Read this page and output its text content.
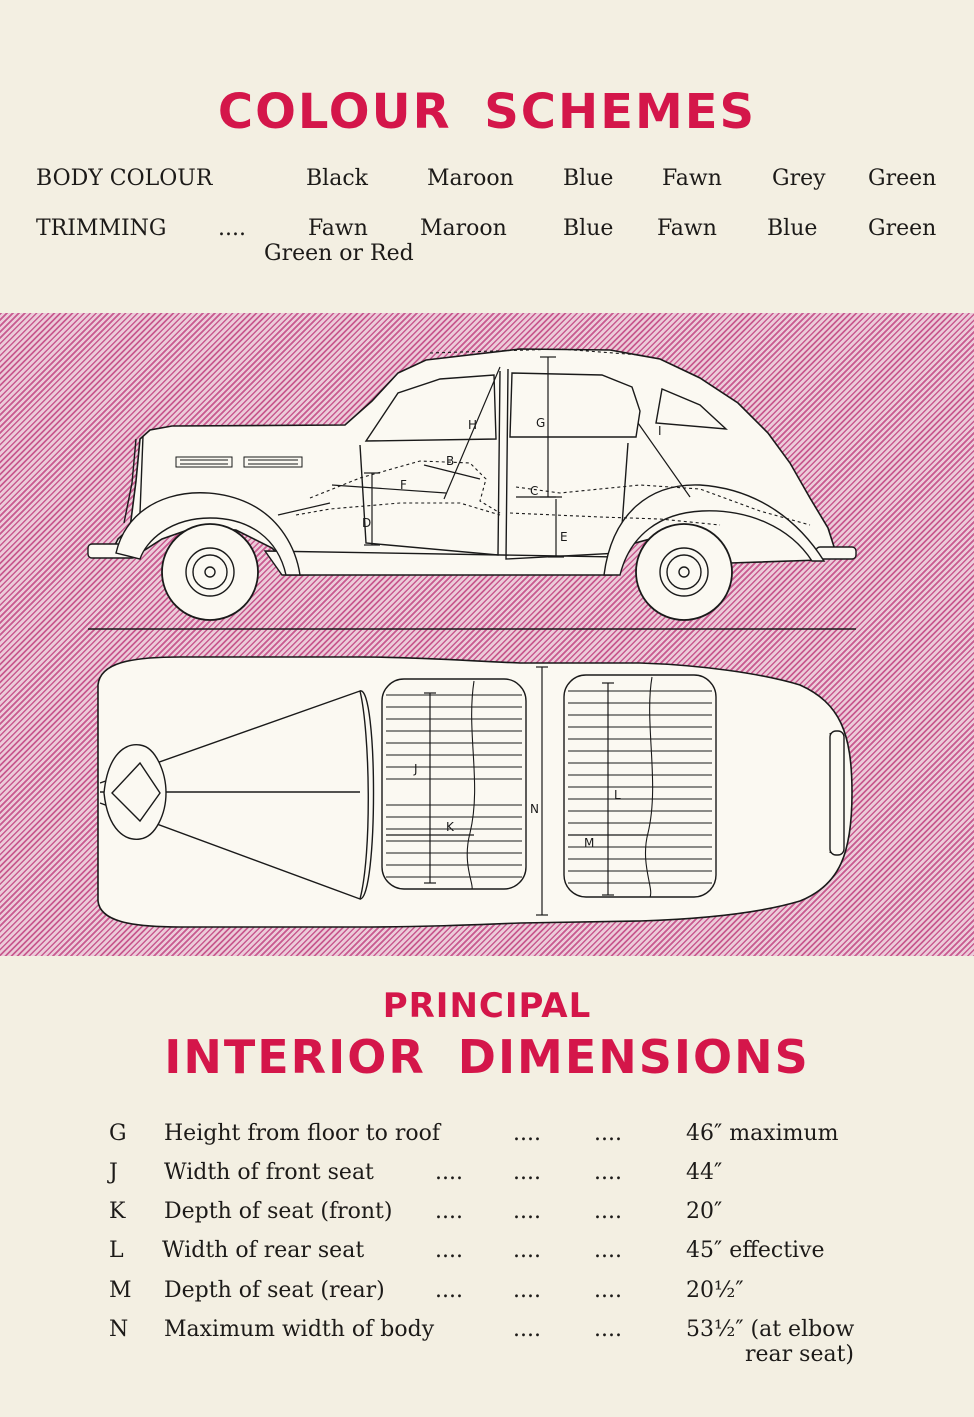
COLOUR SCHEMES
BODY COLOUR	Black	Maroon Blue Fawn Grey Green
TRIMMING ....	Fawn Maroon	Blue Fawn Blue Green
Green or Red
B
C
D
E
F
G
H	I
J
K
L
M
N
PRINCIPAL
INTERIOR DIMENSIONS
G Height from floor to roof	.... ....	46″ maximum
J Width of front seat	.... .... ....	44″
K Depth of seat (front) .... .... ....	20″
L Width of rear seat	.... .... ....	45″ effective
M Depth of seat (rear) .... .... ....	20½″
N Maximum width of body	.... ....	53½″ (at elbow
rear seat)
